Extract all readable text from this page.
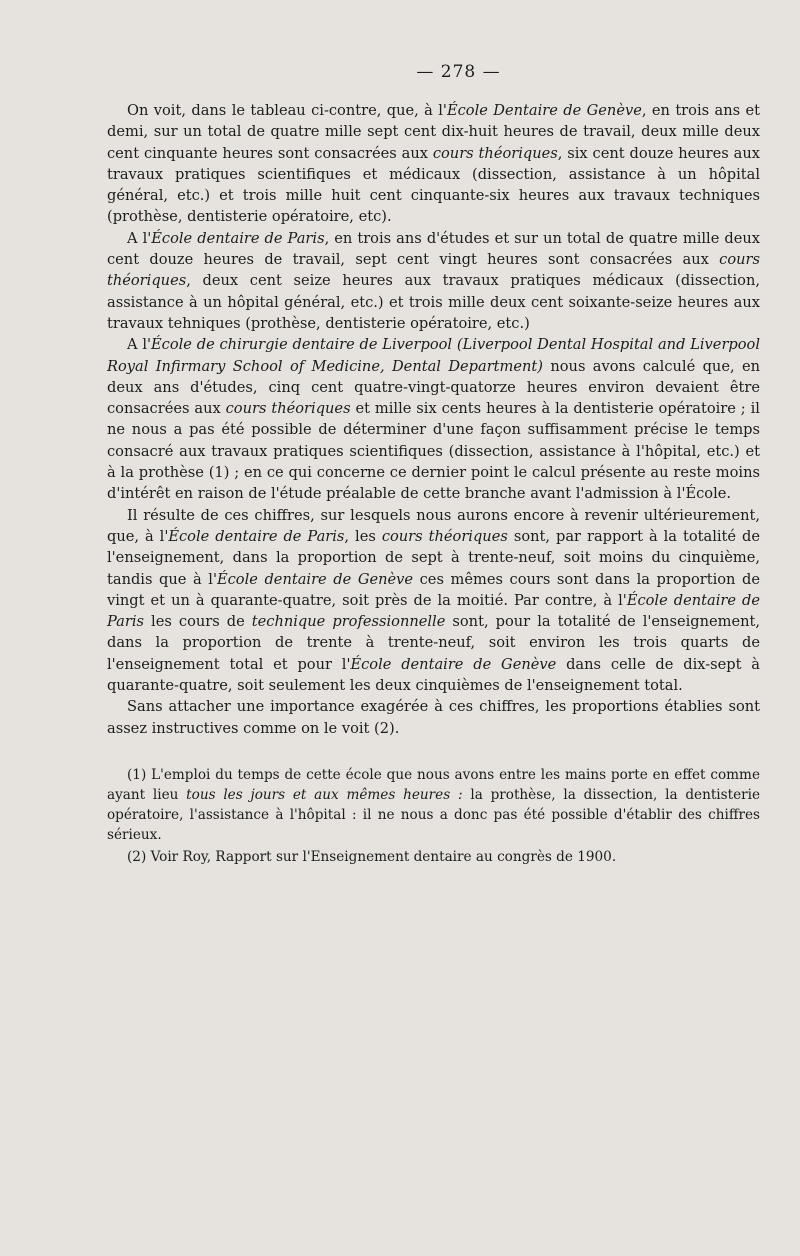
— 278 —

On voit, dans le tableau ci-contre, que, à l'École Dentaire de Genève, en trois ans et demi, sur un total de quatre mille sept cent dix-huit heures de travail, deux mille deux cent cinquante heures sont consacrées aux cours théoriques, six cent douze heures aux travaux pratiques scientifiques et médicaux (dissection, assistance à un hôpital général, etc.) et trois mille huit cent cinquante-six heures aux travaux techniques (prothèse, dentisterie opératoire, etc).

A l'École dentaire de Paris, en trois ans d'études et sur un total de quatre mille deux cent douze heures de travail, sept cent vingt heures sont consacrées aux cours théoriques, deux cent seize heures aux travaux pratiques médicaux (dissection, assistance à un hôpital général, etc.) et trois mille deux cent soixante-seize heures aux travaux tehniques (prothèse, dentisterie opératoire, etc.)

A l'École de chirurgie dentaire de Liverpool (Liverpool Dental Hospital and Liverpool Royal Infirmary School of Medicine, Dental Department) nous avons calculé que, en deux ans d'études, cinq cent quatre-vingt-quatorze heures environ devaient être consacrées aux cours théoriques et mille six cents heures à la dentisterie opératoire ; il ne nous a pas été possible de déterminer d'une façon suffisamment précise le temps consacré aux travaux pratiques scientifiques (dissection, assistance à l'hôpital, etc.) et à la prothèse (1) ; en ce qui concerne ce dernier point le calcul présente au reste moins d'intérêt en raison de l'étude préalable de cette branche avant l'admission à l'École.

Il résulte de ces chiffres, sur lesquels nous aurons encore à revenir ultérieurement, que, à l'École dentaire de Paris, les cours théoriques sont, par rapport à la totalité de l'enseignement, dans la proportion de sept à trente-neuf, soit moins du cinquième, tandis que à l'École dentaire de Genève ces mêmes cours sont dans la proportion de vingt et un à quarante-quatre, soit près de la moitié. Par contre, à l'École dentaire de Paris les cours de technique professionnelle sont, pour la totalité de l'enseignement, dans la proportion de trente à trente-neuf, soit environ les trois quarts de l'enseignement total et pour l'École dentaire de Genève dans celle de dix-sept à quarante-quatre, soit seulement les deux cinquièmes de l'enseignement total.

Sans attacher une importance exagérée à ces chiffres, les proportions établies sont assez instructives comme on le voit (2).

(1) L'emploi du temps de cette école que nous avons entre les mains porte en effet comme ayant lieu tous les jours et aux mêmes heures : la prothèse, la dissection, la dentisterie opératoire, l'assistance à l'hôpital : il ne nous a donc pas été possible d'établir des chiffres sérieux.

(2) Voir Roy, Rapport sur l'Enseignement dentaire au congrès de 1900.
